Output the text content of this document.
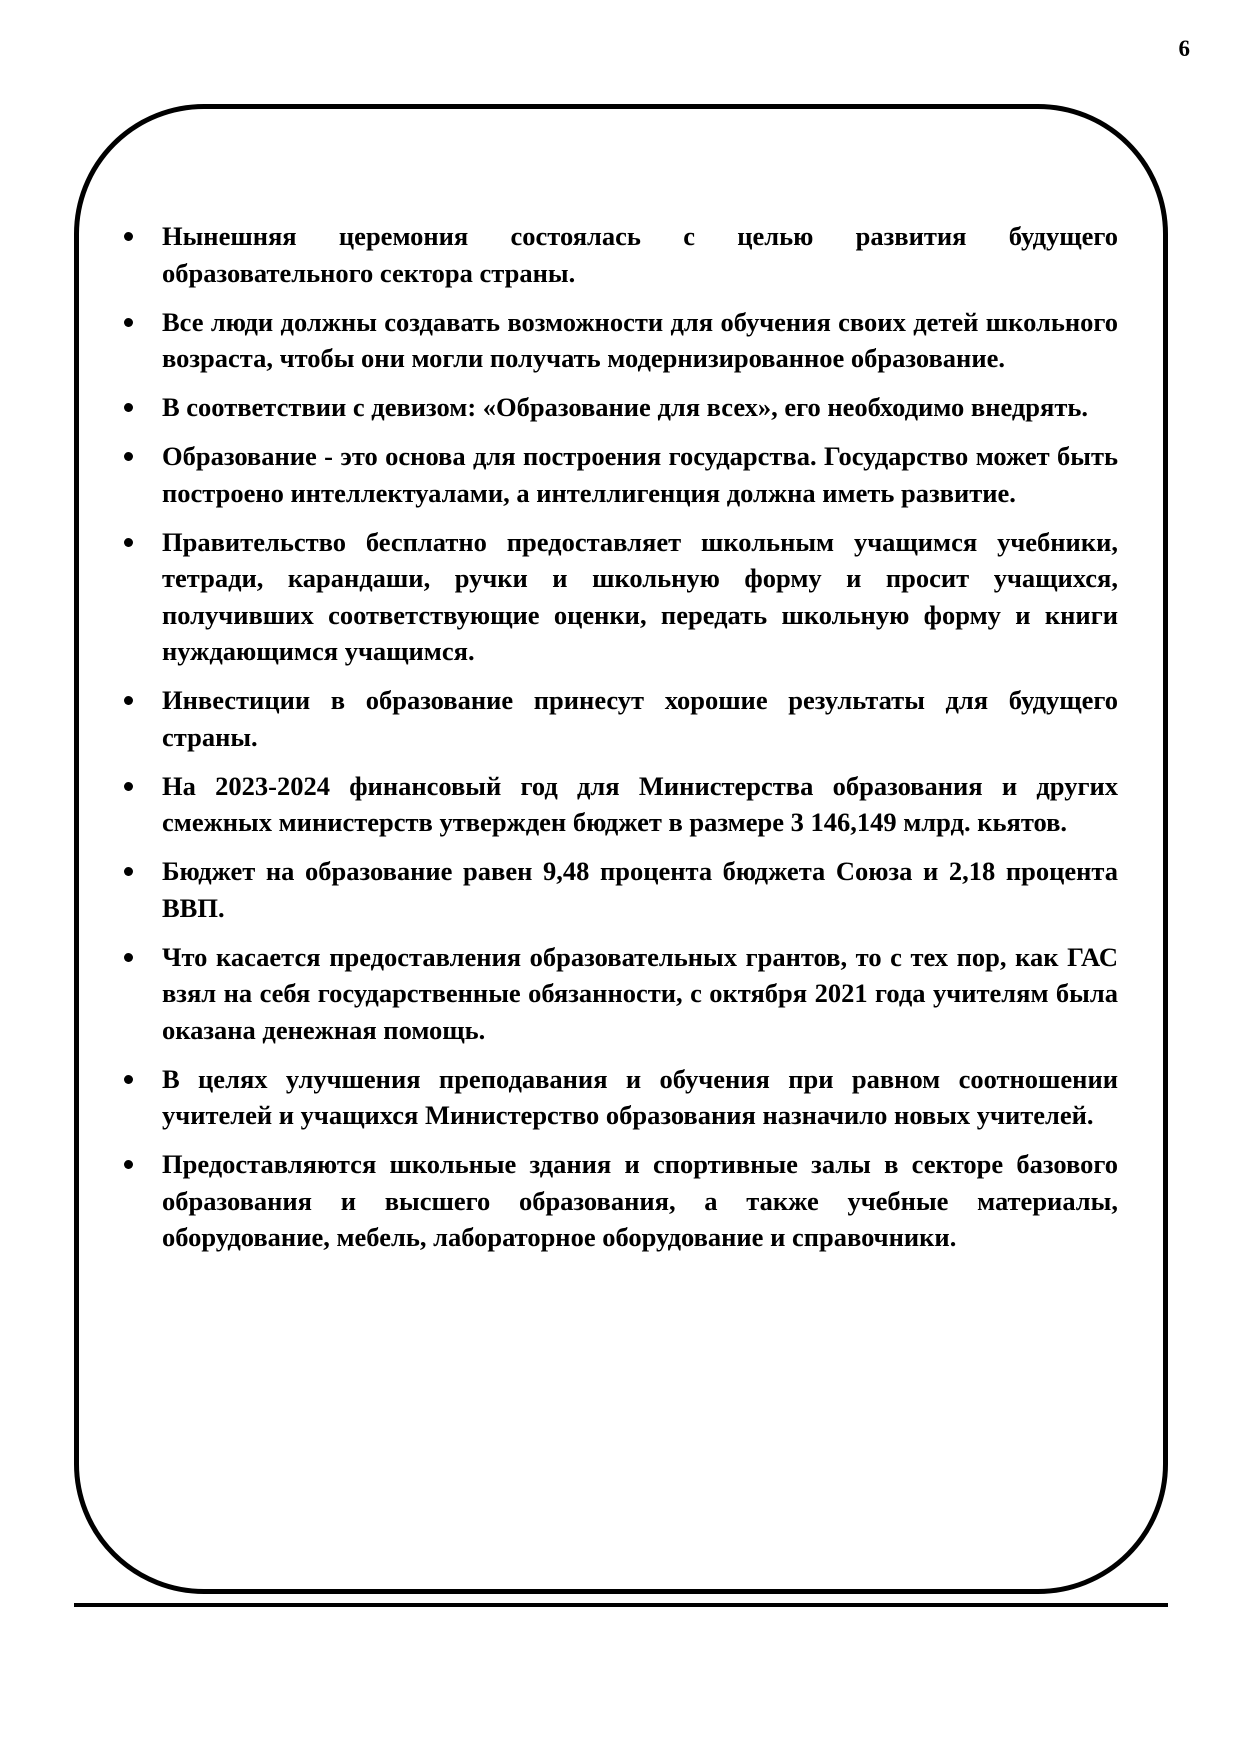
6
Нынешняя церемония состоялась с целью развития будущего образовательного сектора страны.
Все люди должны создавать возможности для обучения своих детей школьного возраста, чтобы они могли получать модернизированное образование.
В соответствии с девизом: «Образование для всех», его необходимо внедрять.
Образование - это основа для построения государства. Государство может быть построено интеллектуалами, а интеллигенция должна иметь развитие.
Правительство бесплатно предоставляет школьным учащимся учебники, тетради, карандаши, ручки и школьную форму и просит учащихся, получивших соответствующие оценки, передать школьную форму и книги нуждающимся учащимся.
Инвестиции в образование принесут хорошие результаты для будущего страны.
На 2023-2024 финансовый год для Министерства образования и других смежных министерств утвержден бюджет в размере 3 146,149 млрд. кьятов.
Бюджет на образование равен 9,48 процента бюджета Союза и 2,18 процента ВВП.
Что касается предоставления образовательных грантов, то с тех пор, как ГАС взял на себя государственные обязанности, с октября 2021 года учителям была оказана денежная помощь.
В целях улучшения преподавания и обучения при равном соотношении учителей и учащихся Министерство образования назначило новых учителей.
Предоставляются школьные здания и спортивные залы в секторе базового образования и высшего образования, а также учебные материалы, оборудование, мебель, лабораторное оборудование и справочники.
